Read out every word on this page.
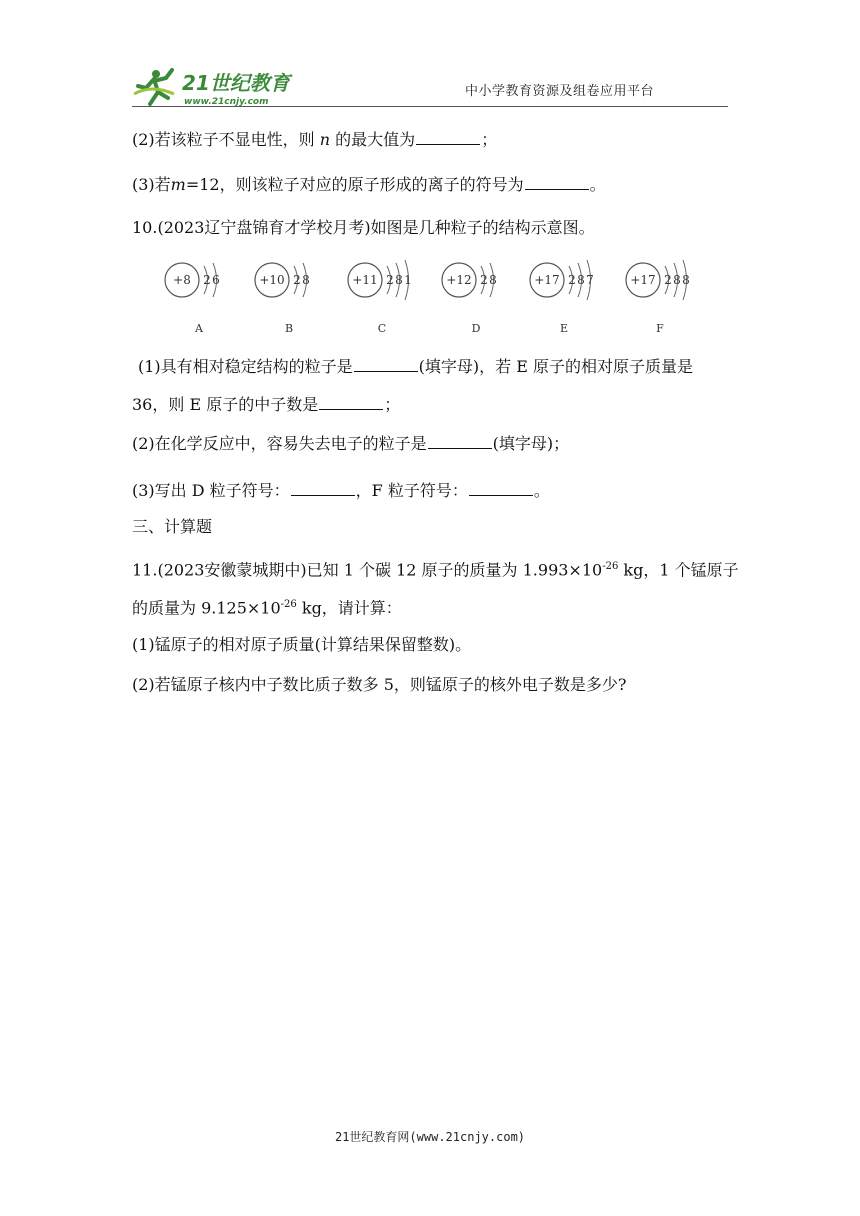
21世纪教育
www.21cnjy.com
中小学教育资源及组卷应用平台
(2)若该粒子不显电性，则 n 的最大值为	；
(3)若m=12，则该粒子对应的原子形成的离子的符号为	。
10.(2023辽宁盘锦育才学校月考)如图是几种粒子的结构示意图。
+8 2 6
A
+10 2 8
B
+11 2 8 1
C
+12 2 8
D
+17 2 8 7
E
+17 2 8 8
F
(1)具有相对稳定结构的粒子是	(填字母)，若 E 原子的相对原子质量是
36，则 E 原子的中子数是	；
(2)在化学反应中，容易失去电子的粒子是	(填字母)；
(3)写出 D 粒子符号：	，F 粒子符号：	。
三、计算题
11.(2023安徽蒙城期中)已知 1 个碳 12 原子的质量为 $1.993\times 10^{-26}$ kg，1 个锰原子
的质量为 $9.125\times 10^{-26}$ kg，请计算：
(1)锰原子的相对原子质量(计算结果保留整数)。
(2)若锰原子核内中子数比质子数多 5，则锰原子的核外电子数是多少?
21世纪教育网(www.21cnjy.com)
